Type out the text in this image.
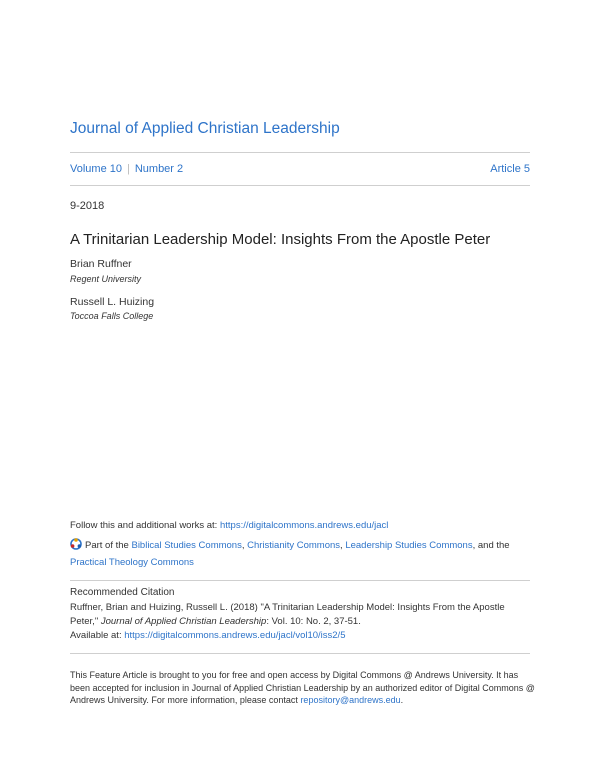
Journal of Applied Christian Leadership
Volume 10 | Number 2	Article 5
9-2018
A Trinitarian Leadership Model: Insights From the Apostle Peter
Brian Ruffner
Regent University
Russell L. Huizing
Toccoa Falls College
Follow this and additional works at: https://digitalcommons.andrews.edu/jacl
Part of the Biblical Studies Commons, Christianity Commons, Leadership Studies Commons, and the
Practical Theology Commons
Recommended Citation
Ruffner, Brian and Huizing, Russell L. (2018) "A Trinitarian Leadership Model: Insights From the Apostle
Peter," Journal of Applied Christian Leadership: Vol. 10: No. 2, 37-51.
Available at: https://digitalcommons.andrews.edu/jacl/vol10/iss2/5
This Feature Article is brought to you for free and open access by Digital Commons @ Andrews University. It has been accepted for inclusion in Journal of Applied Christian Leadership by an authorized editor of Digital Commons @ Andrews University. For more information, please contact repository@andrews.edu.
